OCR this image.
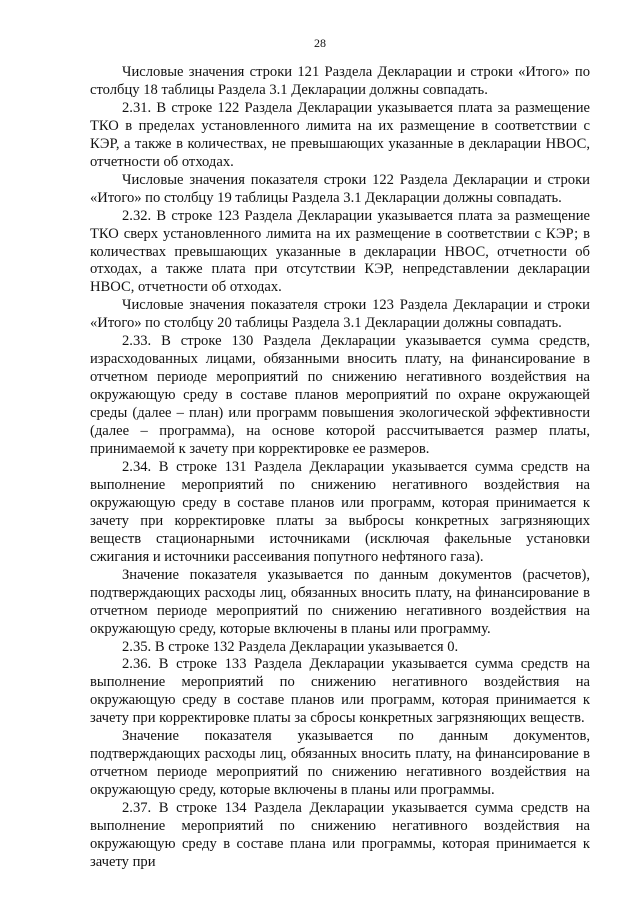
28

Числовые значения строки 121 Раздела Декларации и строки «Итого» по столбцу 18 таблицы Раздела 3.1 Декларации должны совпадать.

2.31. В строке 122 Раздела Декларации указывается плата за размещение ТКО в пределах установленного лимита на их размещение в соответствии с КЭР, а также в количествах, не превышающих указанные в декларации НВОС, отчетности об отходах.

Числовые значения показателя строки 122 Раздела Декларации и строки «Итого» по столбцу 19 таблицы Раздела 3.1 Декларации должны совпадать.

2.32. В строке 123 Раздела Декларации указывается плата за размещение ТКО сверх установленного лимита на их размещение в соответствии с КЭР; в количествах превышающих указанные в декларации НВОС, отчетности об отходах, а также плата при отсутствии КЭР, непредставлении декларации НВОС, отчетности об отходах.

Числовые значения показателя строки 123 Раздела Декларации и строки «Итого» по столбцу 20 таблицы Раздела 3.1 Декларации должны совпадать.

2.33. В строке 130 Раздела Декларации указывается сумма средств, израсходованных лицами, обязанными вносить плату, на финансирование в отчетном периоде мероприятий по снижению негативного воздействия на окружающую среду в составе планов мероприятий по охране окружающей среды (далее – план) или программ повышения экологической эффективности (далее – программа), на основе которой рассчитывается размер платы, принимаемой к зачету при корректировке ее размеров.

2.34. В строке 131 Раздела Декларации указывается сумма средств на выполнение мероприятий по снижению негативного воздействия на окружающую среду в составе планов или программ, которая принимается к зачету при корректировке платы за выбросы конкретных загрязняющих веществ стационарными источниками (исключая факельные установки сжигания и источники рассеивания попутного нефтяного газа).

Значение показателя указывается по данным документов (расчетов), подтверждающих расходы лиц, обязанных вносить плату, на финансирование в отчетном периоде мероприятий по снижению негативного воздействия на окружающую среду, которые включены в планы или программу.

2.35. В строке 132 Раздела Декларации указывается 0.

2.36. В строке 133 Раздела Декларации указывается сумма средств на выполнение мероприятий по снижению негативного воздействия на окружающую среду в составе планов или программ, которая принимается к зачету при корректировке платы за сбросы конкретных загрязняющих веществ.

Значение показателя указывается по данным документов, подтверждающих расходы лиц, обязанных вносить плату, на финансирование в отчетном периоде мероприятий по снижению негативного воздействия на окружающую среду, которые включены в планы или программы.

2.37. В строке 134 Раздела Декларации указывается сумма средств на выполнение мероприятий по снижению негативного воздействия на окружающую среду в составе плана или программы, которая принимается к зачету при
